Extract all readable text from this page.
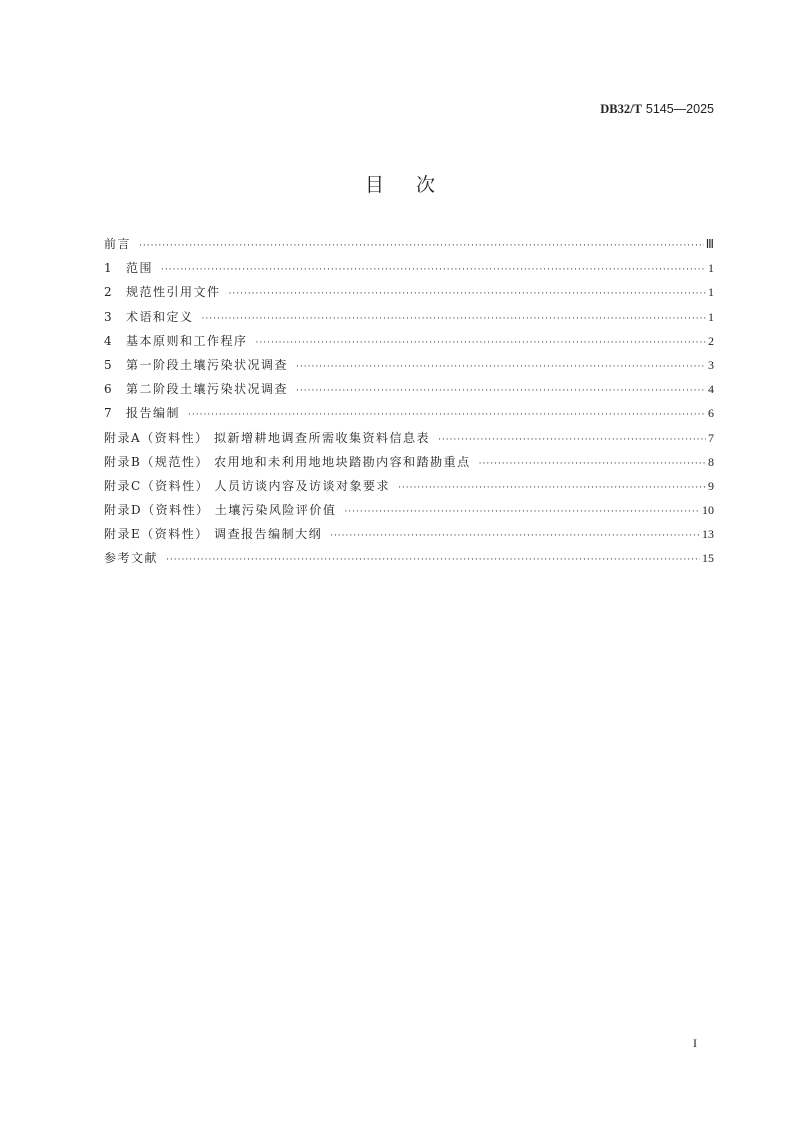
DB32/T 5145—2025
目次
前言 ·····	Ⅲ
1	范围 ·····	1
2	规范性引用文件 ·····	1
3	术语和定义 ·····	1
4	基本原则和工作程序 ·····	2
5	第一阶段土壤污染状况调查 ·····	3
6	第二阶段土壤污染状况调查 ·····	4
7	报告编制 ·····	6
附录A（资料性） 拟新增耕地调查所需收集资料信息表 ·····	7
附录B（规范性） 农用地和未利用地地块踏勘内容和踏勘重点 ·····	8
附录C（资料性） 人员访谈内容及访谈对象要求 ·····	9
附录D（资料性） 土壤污染风险评价值 ·····	10
附录E（资料性） 调查报告编制大纲 ·····	13
参考文献 ·····	15
I
